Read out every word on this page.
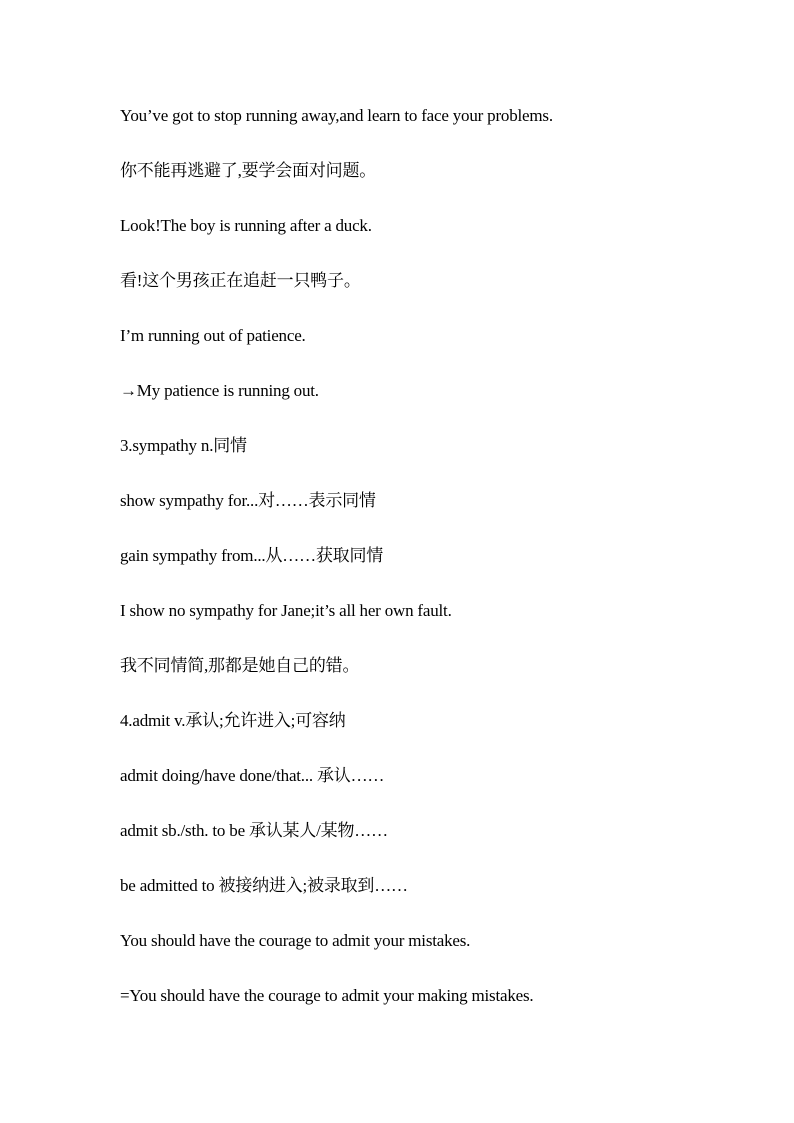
You’ve got to stop running away,and learn to face your problems.

你不能再逃避了,要学会面对问题。

Look!The boy is running after a duck.

看!这个男孩正在追赶一只鸭子。

I’m running out of patience.

→My patience is running out.

3.sympathy n.同情

show sympathy for...对……表示同情

gain sympathy from...从……获取同情

I show no sympathy for Jane;it’s all her own fault.

我不同情简,那都是她自己的错。

4.admit v.承认;允许进入;可容纳

admit doing/have done/that... 承认……

admit sb./sth. to be 承认某人/某物……

be admitted to 被接纳进入;被录取到……

You should have the courage to admit your mistakes.

=You should have the courage to admit your making mistakes.
